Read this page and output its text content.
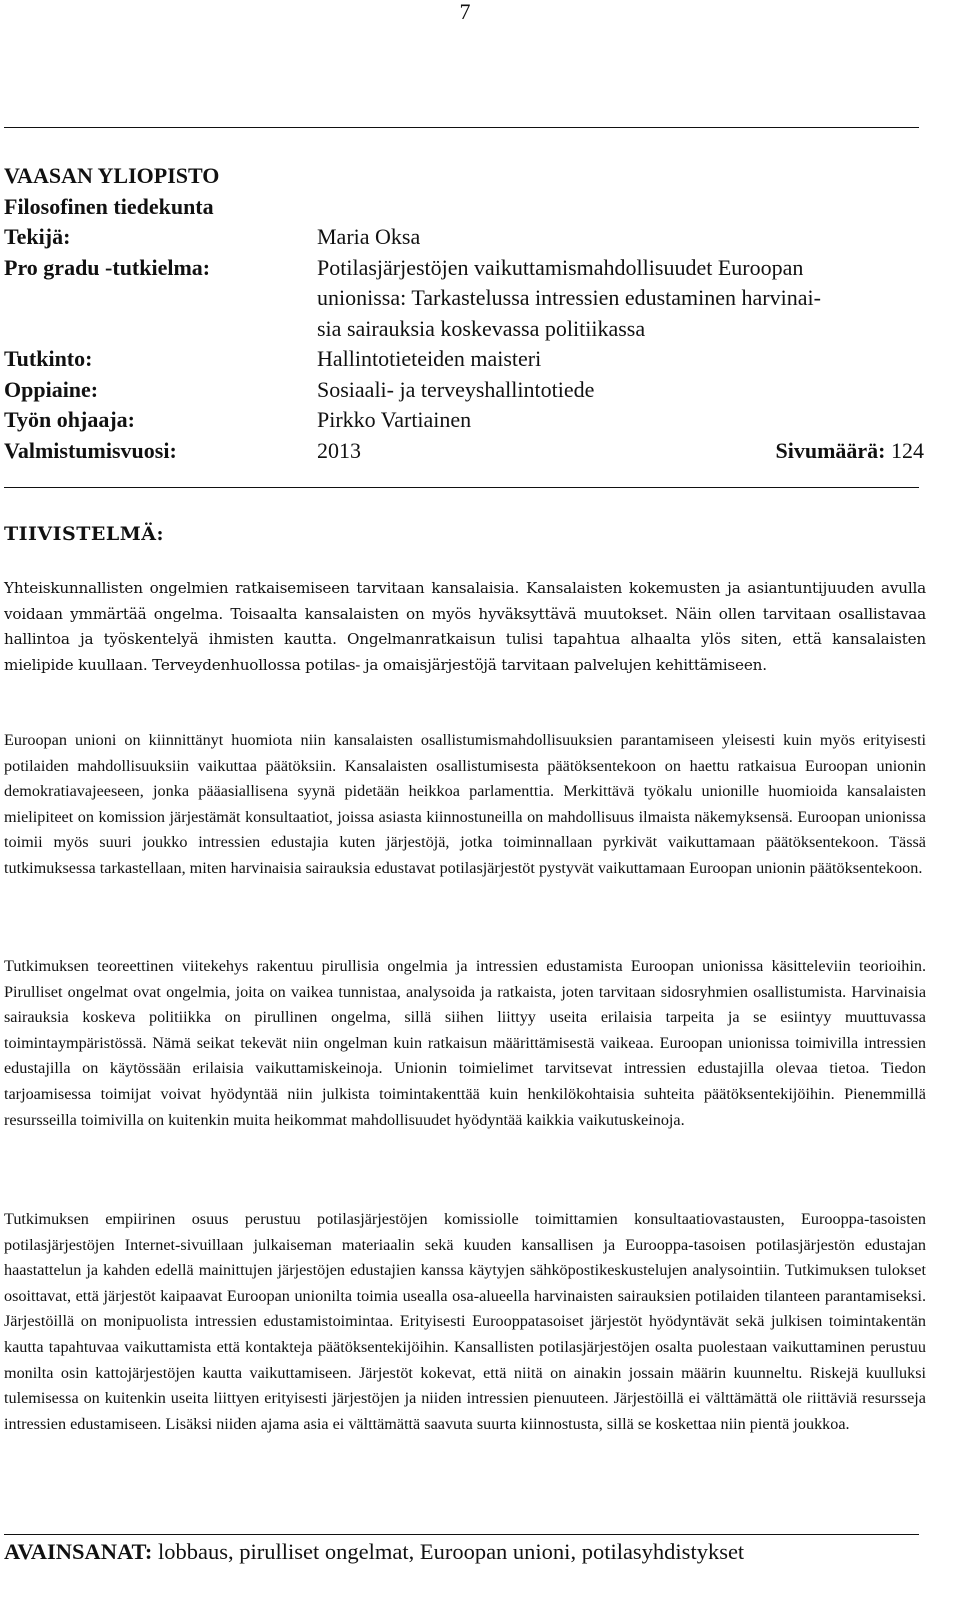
7
VAASAN YLIOPISTO
Filosofinen tiedekunta
Tekijä:	Maria Oksa
Pro gradu -tutkielma:	Potilasjärjestöjen vaikuttamismahdollisuudet Euroopan
unionissa: Tarkastelussa intressien edustaminen harvinai-
sia sairauksia koskevassa politiikassa
Tutkinto:	Hallintotieteiden maisteri
Oppiaine:	Sosiaali- ja terveyshallintotiede
Työn ohjaaja:	Pirkko Vartiainen
Valmistumisvuosi:	2013	Sivumäärä: 124
TIIVISTELMÄ:
Yhteiskunnallisten ongelmien ratkaisemiseen tarvitaan kansalaisia. Kansalaisten kokemusten ja asiantuntijuuden avulla voidaan ymmärtää ongelma. Toisaalta kansalaisten on myös hyväksyttävä muutokset. Näin ollen tarvitaan osallistavaa hallintoa ja työskentelyä ihmisten kautta. Ongelmanratkaisun tulisi tapahtua alhaalta ylös siten, että kansalaisten mielipide kuullaan. Terveydenhuollossa potilas- ja omaisjärjestöjä tarvitaan palvelujen kehittämiseen.
Euroopan unioni on kiinnittänyt huomiota niin kansalaisten osallistumismahdollisuuksien parantamiseen yleisesti kuin myös erityisesti potilaiden mahdollisuuksiin vaikuttaa päätöksiin. Kansalaisten osallistumisesta päätöksentekoon on haettu ratkaisua Euroopan unionin demokratiavajeeseen, jonka pääasiallisena syynä pidetään heikkoa parlamenttia. Merkittävä työkalu unionille huomioida kansalaisten mielipiteet on komission järjestämät konsultaatiot, joissa asiasta kiinnostuneilla on mahdollisuus ilmaista näkemyksensä. Euroopan unionissa toimii myös suuri joukko intressien edustajia kuten järjestöjä, jotka toiminnallaan pyrkivät vaikuttamaan päätöksentekoon. Tässä tutkimuksessa tarkastellaan, miten harvinaisia sairauksia edustavat potilasjärjestöt pystyvät vaikuttamaan Euroopan unionin päätöksentekoon.
Tutkimuksen teoreettinen viitekehys rakentuu pirullisia ongelmia ja intressien edustamista Euroopan unionissa käsitteleviin teorioihin. Pirulliset ongelmat ovat ongelmia, joita on vaikea tunnistaa, analysoida ja ratkaista, joten tarvitaan sidosryhmien osallistumista. Harvinaisia sairauksia koskeva politiikka on pirullinen ongelma, sillä siihen liittyy useita erilaisia tarpeita ja se esiintyy muuttuvassa toimintaympäristössä. Nämä seikat tekevät niin ongelman kuin ratkaisun määrittämisestä vaikeaa. Euroopan unionissa toimivilla intressien edustajilla on käytössään erilaisia vaikuttamiskeinoja. Unionin toimielimet tarvitsevat intressien edustajilla olevaa tietoa. Tiedon tarjoamisessa toimijat voivat hyödyntää niin julkista toimintakenttää kuin henkilökohtaisia suhteita päätöksentekijöihin. Pienemmillä resursseilla toimivilla on kuitenkin muita heikommat mahdollisuudet hyödyntää kaikkia vaikutuskeinoja.
Tutkimuksen empiirinen osuus perustuu potilasjärjestöjen komissiolle toimittamien konsultaatiovastausten, Eurooppa-tasoisten potilasjärjestöjen Internet-sivuillaan julkaiseman materiaalin sekä kuuden kansallisen ja Eurooppa-tasoisen potilasjärjestön edustajan haastattelun ja kahden edellä mainittujen järjestöjen edustajien kanssa käytyjen sähköpostikeskustelujen analysointiin. Tutkimuksen tulokset osoittavat, että järjestöt kaipaavat Euroopan unionilta toimia usealla osa-alueella harvinaisten sairauksien potilaiden tilanteen parantamiseksi. Järjestöillä on monipuolista intressien edustamistoimintaa. Erityisesti Eurooppatasoiset järjestöt hyödyntävät sekä julkisen toimintakentän kautta tapahtuvaa vaikuttamista että kontakteja päätöksentekijöihin. Kansallisten potilasjärjestöjen osalta puolestaan vaikuttaminen perustuu monilta osin kattojärjestöjen kautta vaikuttamiseen. Järjestöt kokevat, että niitä on ainakin jossain määrin kuunneltu. Riskejä kuulluksi tulemisessa on kuitenkin useita liittyen erityisesti järjestöjen ja niiden intressien pienuuteen. Järjestöillä ei välttämättä ole riittäviä resursseja intressien edustamiseen. Lisäksi niiden ajama asia ei välttämättä saavuta suurta kiinnostusta, sillä se koskettaa niin pientä joukkoa.
AVAINSANAT: lobbaus, pirulliset ongelmat, Euroopan unioni, potilasyhdistykset
